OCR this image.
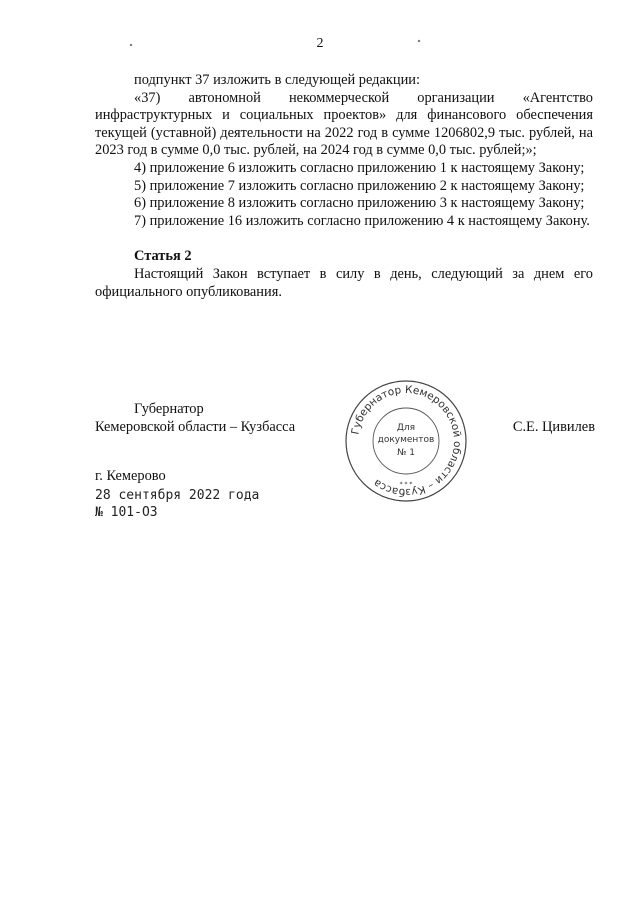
2

подпункт 37 изложить в следующей редакции:

«37) автономной некоммерческой организации «Агентство инфраструктурных и социальных проектов» для финансового обеспечения текущей (уставной) деятельности на 2022 год в сумме 1206802,9 тыс. рублей, на 2023 год в сумме 0,0 тыс. рублей, на 2024 год в сумме 0,0 тыс. рублей;»;

4) приложение 6 изложить согласно приложению 1 к настоящему Закону;

5) приложение 7 изложить согласно приложению 2 к настоящему Закону;

6) приложение 8 изложить согласно приложению 3 к настоящему Закону;

7) приложение 16 изложить согласно приложению 4 к настоящему Закону.

Статья 2

Настоящий Закон вступает в силу в день, следующий за днем его официального опубликования.

Губернатор
Кемеровской области – Кузбасса	С.Е. Цивилев
Губернатор Кемеровской области – Кузбасса
Для
документов
№ 1
* * *
г. Кемерово
28 сентября 2022 года
№ 101-ОЗ
